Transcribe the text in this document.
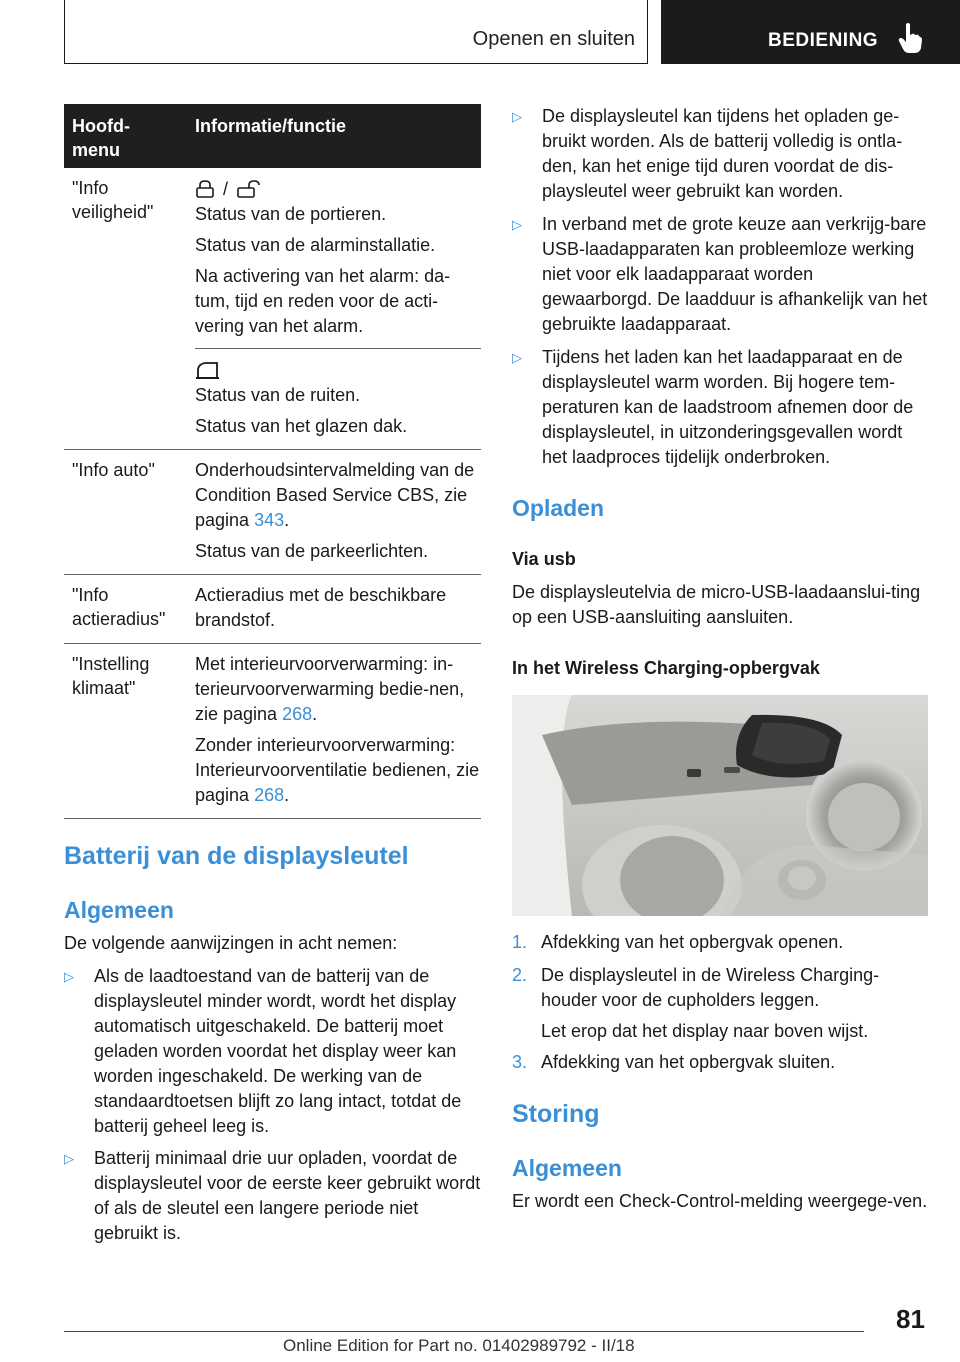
Openen en sluiten	BEDIENING
Hoofd-
menu
Informatie/functie
"Info
veiligheid"
/

Status van de portieren.

Status van de alarminstallatie.

Na activering van het alarm: da-tum, tijd en reden voor de acti-vering van het alarm.

Status van de ruiten.

Status van het glazen dak.

"Info auto"	Onderhoudsintervalmelding van de Condition Based Service CBS, zie pagina 343.

Status van de parkeerlichten.

"Info
actieradius"

Actieradius met de beschikbare brandstof.

"Instelling
klimaat"

Met interieurvoorverwarming: in-terieurvoorverwarming bedie-nen, zie pagina 268.

Zonder interieurvoorverwarming: Interieurvoorventilatie bedienen, zie pagina 268.

Batterij van de displaysleutel
Algemeen
De volgende aanwijzingen in acht nemen:
▷ Als de laadtoestand van de batterij van de displaysleutel minder wordt, wordt het display automatisch uitgeschakeld. De batterij moet geladen worden voordat het display weer kan worden ingeschakeld. De werking van de standaardtoetsen blijft zo lang intact, totdat de batterij geheel leeg is.
▷ Batterij minimaal drie uur opladen, voordat de displaysleutel voor de eerste keer gebruikt wordt of als de sleutel een langere periode niet gebruikt is.
▷ De displaysleutel kan tijdens het opladen ge-bruikt worden. Als de batterij volledig is ontla-den, kan het enige tijd duren voordat de dis-playsleutel weer gebruikt kan worden.
▷ In verband met de grote keuze aan verkrijg-bare USB-laadapparaten kan probleemloze werking niet voor elk laadapparaat worden gewaarborgd. De laadduur is afhankelijk van het gebruikte laadapparaat.
▷ Tijdens het laden kan het laadapparaat en de displaysleutel warm worden. Bij hogere tem-peraturen kan de laadstroom afnemen door de displaysleutel, in uitzonderingsgevallen wordt het laadproces tijdelijk onderbroken.
Opladen
Via usb
De displaysleutelvia de micro-USB-laadaanslui-ting op een USB-aansluiting aansluiten.
In het Wireless Charging-opbergvak
1. Afdekking van het opbergvak openen.
2. De displaysleutel in de Wireless Charging-houder voor de cupholders leggen.
Let erop dat het display naar boven wijst.
3. Afdekking van het opbergvak sluiten.
Storing
Algemeen
Er wordt een Check-Control-melding weergege-ven.
81
Online Edition for Part no. 01402989792 - II/18
